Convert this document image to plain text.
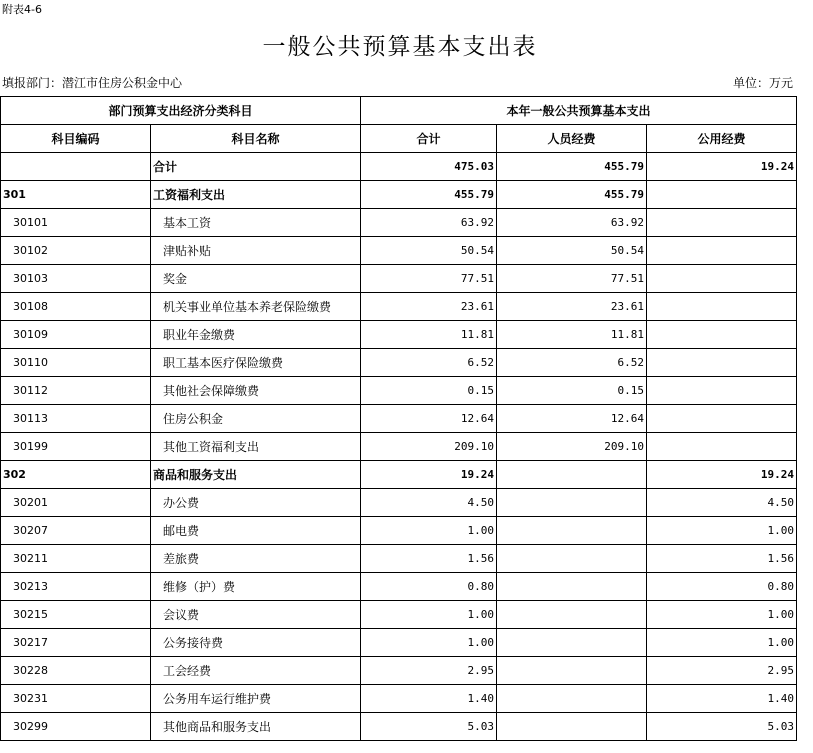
附表4-6
一般公共预算基本支出表
填报部门：潜江市住房公积金中心	单位：万元
部门预算支出经济分类科目		本年一般公共预算基本支出		
科目编码	科目名称	合计	人员经费	公用经费
	合计	475.03	455.79	19.24
301	工资福利支出	455.79	455.79	
30101	基本工资	63.92	63.92	
30102	津贴补贴	50.54	50.54	
30103	奖金	77.51	77.51	
30108	机关事业单位基本养老保险缴费	23.61	23.61	
30109	职业年金缴费	11.81	11.81	
30110	职工基本医疗保险缴费	6.52	6.52	
30112	其他社会保障缴费	0.15	0.15	
30113	住房公积金	12.64	12.64	
30199	其他工资福利支出	209.10	209.10	
302	商品和服务支出	19.24		19.24
30201	办公费	4.50		4.50
30207	邮电费	1.00		1.00
30211	差旅费	1.56		1.56
30213	维修（护）费	0.80		0.80
30215	会议费	1.00		1.00
30217	公务接待费	1.00		1.00
30228	工会经费	2.95		2.95
30231	公务用车运行维护费	1.40		1.40
30299	其他商品和服务支出	5.03		5.03
